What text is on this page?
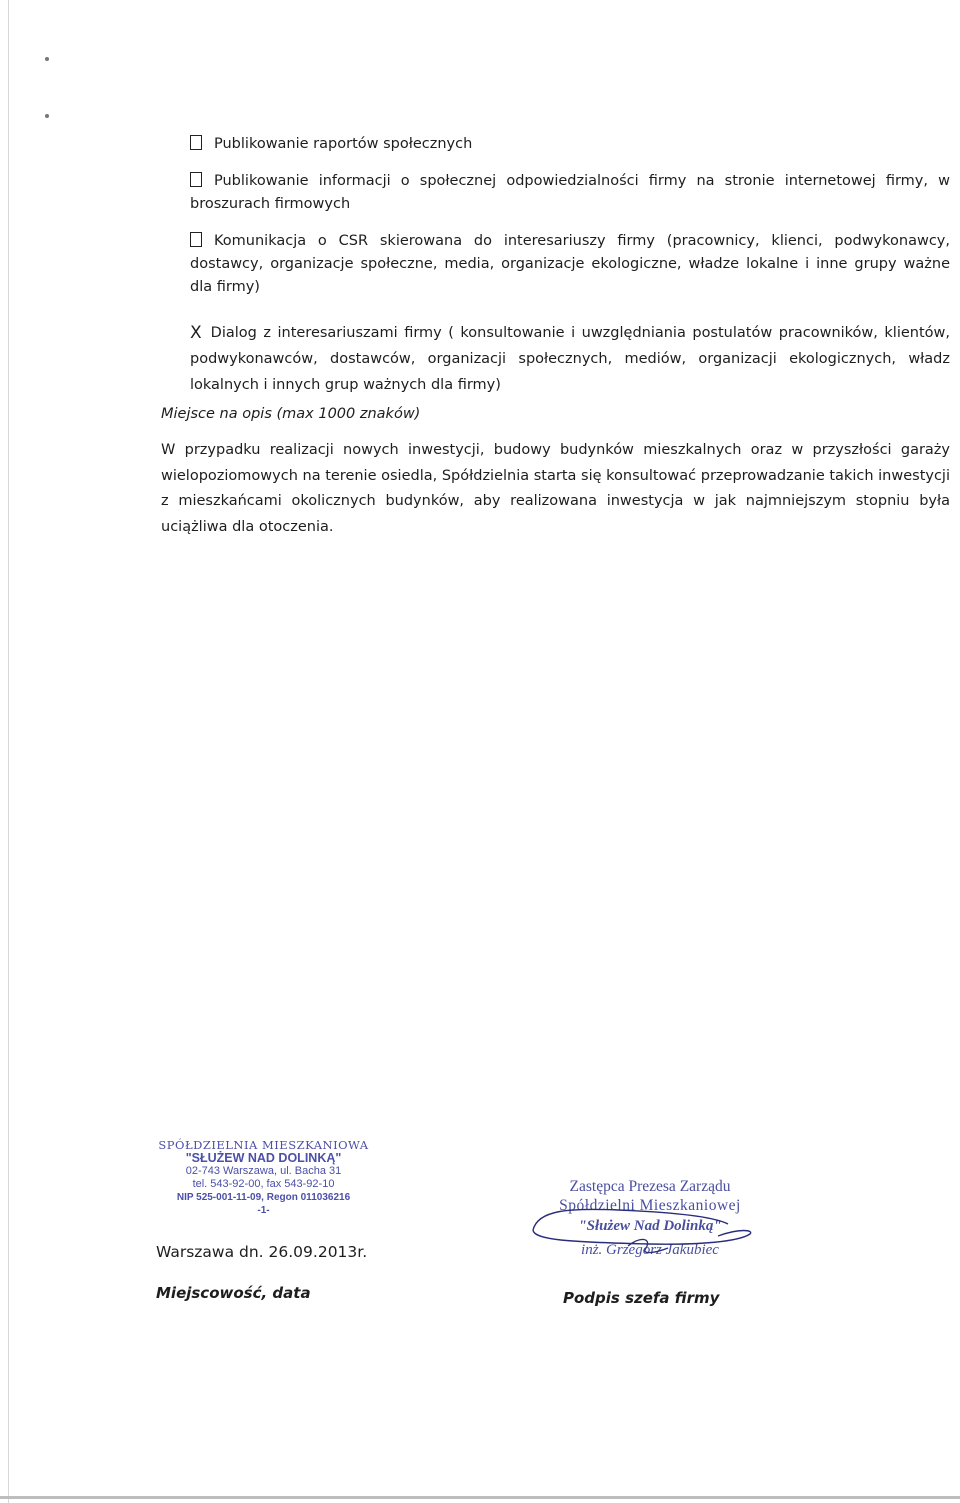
Publikowanie raportów społecznych
Publikowanie informacji o społecznej odpowiedzialności firmy na stronie internetowej firmy, w broszurach firmowych
Komunikacja o CSR skierowana do interesariuszy firmy (pracownicy, klienci, podwykonawcy, dostawcy, organizacje społeczne, media, organizacje ekologiczne, władze lokalne i inne grupy ważne dla firmy)
X Dialog z interesariuszami firmy ( konsultowanie i uwzględniania postulatów pracowników, klientów, podwykonawców, dostawców, organizacji społecznych, mediów, organizacji ekologicznych, władz lokalnych i innych grup ważnych dla firmy)
Miejsce na opis (max 1000 znaków)
W przypadku realizacji nowych inwestycji, budowy budynków mieszkalnych oraz w przyszłości garaży wielopoziomowych na terenie osiedla, Spółdzielnia starta się konsultować przeprowadzanie takich inwestycji z mieszkańcami okolicznych budynków, aby realizowana inwestycja w jak najmniejszym stopniu była uciążliwa dla otoczenia.
SPÓŁDZIELNIA MIESZKANIOWA
"SŁUŻEW NAD DOLINKĄ"
02-743 Warszawa, ul. Bacha 31
tel. 543-92-00, fax 543-92-10
NIP 525-001-11-09, Regon 011036216
-1-
Zastępca Prezesa Zarządu
Spółdzielni Mieszkaniowej
"Służew Nad Dolinką"
inż. Grzegorz Jakubiec
Warszawa dn. 26.09.2013r.
Miejscowość, data	Podpis szefa firmy
